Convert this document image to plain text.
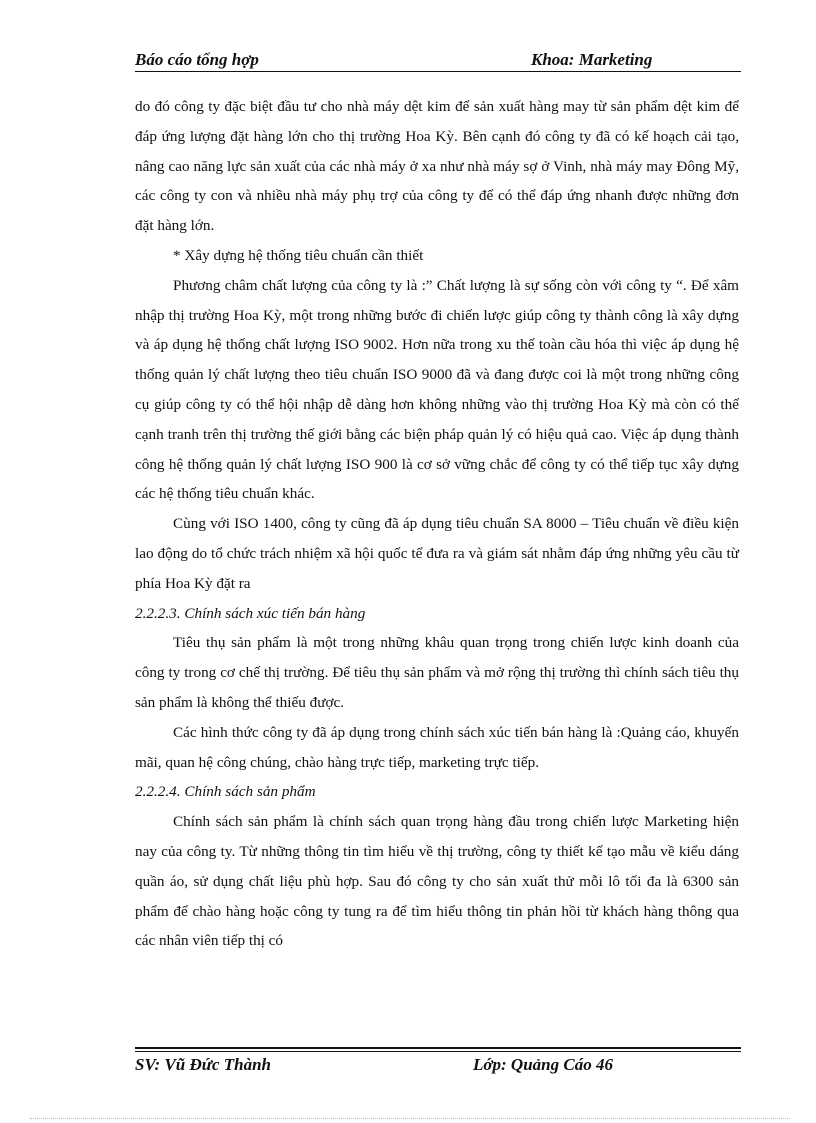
Báo cáo tổng hợp	Khoa: Marketing

do đó công ty đặc biệt đầu tư cho nhà máy dệt kim để sản xuất hàng may từ sản phẩm dệt kim để đáp ứng lượng đặt hàng lớn cho thị trường Hoa Kỳ. Bên cạnh đó công ty đã có kế hoạch cải tạo, nâng cao năng lực sản xuất của các nhà máy ở xa như nhà máy sợ ở Vinh, nhà máy may Đông Mỹ, các công ty con và nhiều nhà máy phụ trợ của công ty để có thể đáp ứng nhanh được những đơn đặt hàng lớn.

* Xây dựng hệ thống tiêu chuẩn cần thiết

Phương châm chất lượng của công ty là :” Chất lượng là sự sống còn với công ty “. Để xâm nhập thị trường Hoa Kỳ, một trong những bước đi chiến lược giúp công ty thành công là xây dựng và áp dụng hệ thống chất lượng ISO 9002. Hơn nữa trong xu thế toàn cầu hóa thì việc áp dụng hệ thống quản lý chất lượng theo tiêu chuẩn ISO 9000 đã và đang được coi là một trong những công cụ giúp công ty có thể hội nhập dễ dàng hơn không những vào thị trường Hoa Kỳ mà còn có thể cạnh tranh trên thị trường thế giới bằng các biện pháp quản lý có hiệu quả cao. Việc áp dụng thành công hệ thống quản lý chất lượng ISO 900 là cơ sở vững chắc để công ty có thể tiếp tục xây dựng các hệ thống tiêu chuẩn khác.

Cùng với ISO 1400, công ty cũng đã áp dụng tiêu chuẩn SA 8000 – Tiêu chuẩn về điều kiện lao động do tổ chức trách nhiệm xã hội quốc tế đưa ra và giám sát nhằm đáp ứng những yêu cầu từ phía Hoa Kỳ đặt ra

2.2.2.3. Chính sách xúc tiến bán hàng

Tiêu thụ sản phẩm là một trong những khâu quan trọng trong chiến lược kinh doanh của công ty trong cơ chế thị trường. Để tiêu thụ sản phẩm và mở rộng thị trường thì chính sách tiêu thụ sản phẩm là không thể thiếu được.

Các hình thức công ty đã áp dụng trong chính sách xúc tiến bán hàng là :Quảng cáo, khuyến mãi, quan hệ công chúng, chào hàng trực tiếp, marketing trực tiếp.

2.2.2.4. Chính sách sản phẩm

Chính sách sản phẩm là chính sách quan trọng hàng đầu trong chiến lược Marketing hiện nay của công ty. Từ những thông tin tìm hiểu về thị trường, công ty thiết kế tạo mẫu về kiểu dáng quần áo, sử dụng chất liệu phù hợp. Sau đó công ty cho sản xuất thử mỗi lô tối đa là 6300 sản phẩm để chào hàng hoặc công ty tung ra để tìm hiểu thông tin phản hồi từ khách hàng thông qua các nhân viên tiếp thị có

SV: Vũ Đức Thành	Lớp: Quảng Cáo 46
